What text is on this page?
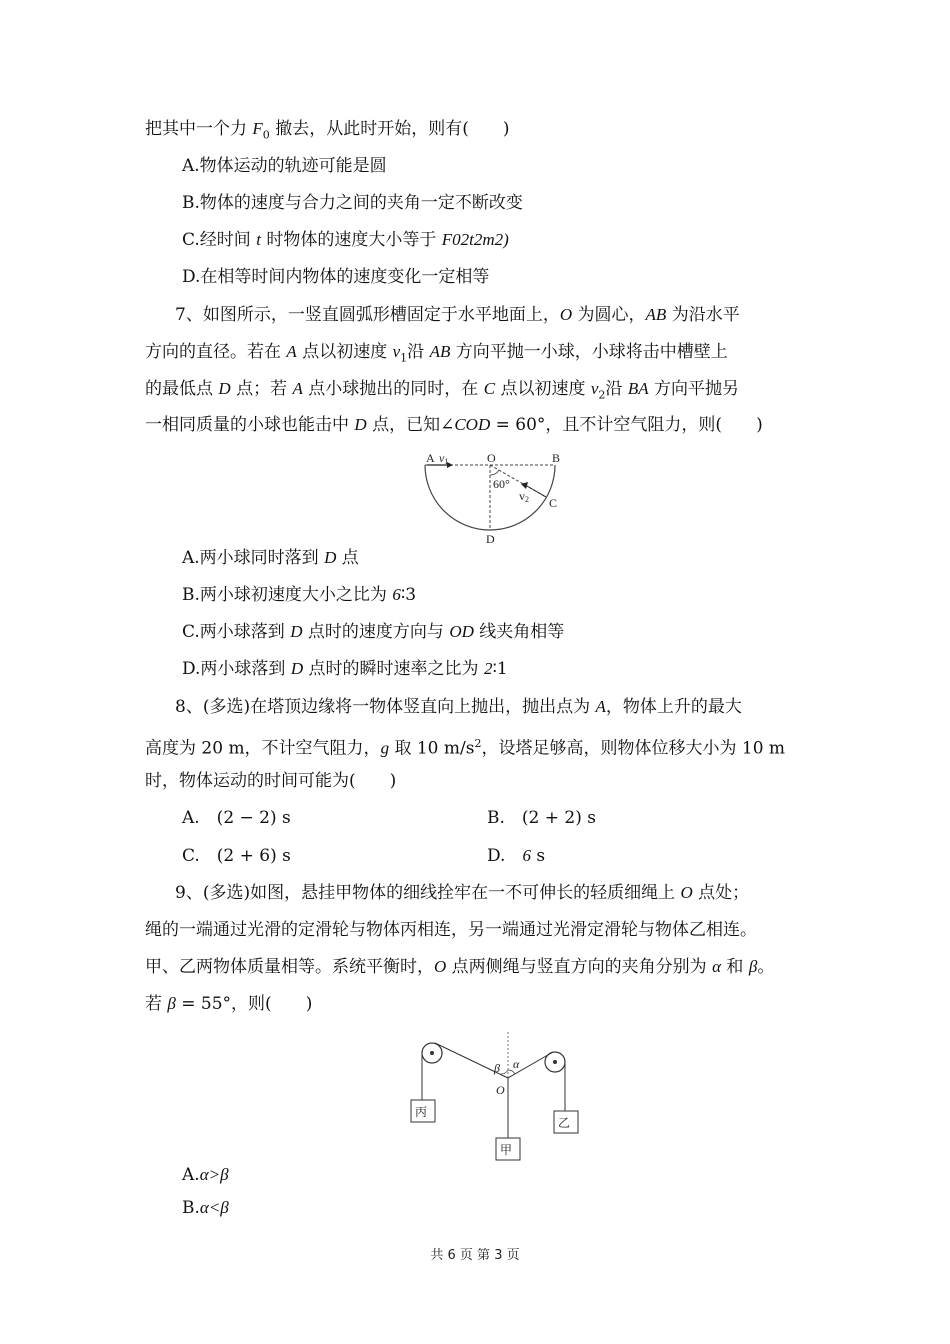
把其中一个力 $F_0$ 撤去，从此时开始，则有(　　)
A.物体运动的轨迹可能是圆
B.物体的速度与合力之间的夹角一定不断改变
C.经时间 t 时物体的速度大小等于 F02t2m2)
D.在相等时间内物体的速度变化一定相等
7、如图所示，一竖直圆弧形槽固定于水平地面上，O 为圆心，AB 为沿水平
方向的直径。若在 A 点以初速度 $v_1$沿 AB 方向平抛一小球，小球将击中槽壁上
的最低点 D 点；若 A 点小球抛出的同时，在 C 点以初速度 $v_2$沿 BA 方向平抛另
一相同质量的小球也能击中 D 点，已知∠COD = 60°，且不计空气阻力，则(　　)
A v1	O	B
60°
v2 C
D
A.两小球同时落到 D 点
B.两小球初速度大小之比为 6∶3
C.两小球落到 D 点时的速度方向与 OD 线夹角相等
D.两小球落到 D 点时的瞬时速率之比为 2∶1
8、(多选)在塔顶边缘将一物体竖直向上抛出，抛出点为 A，物体上升的最大
高度为 20 m，不计空气阻力，g 取 10 $m/s^2$，设塔足够高，则物体位移大小为 10 m
时，物体运动的时间可能为(　　)
A.　(2 − 2) s	B.　(2 + 2) s
C.　(2 + 6) s	D.　6 s
9、(多选)如图，悬挂甲物体的细线拴牢在一不可伸长的轻质细绳上 O 点处；
绳的一端通过光滑的定滑轮与物体丙相连，另一端通过光滑定滑轮与物体乙相连。
甲、乙两物体质量相等。系统平衡时，O 点两侧绳与竖直方向的夹角分别为 α 和 β。
若 β = 55°，则(　　)
β α
O
丙
甲
乙
A.α>β
B.α<β
共 6 页 第 3 页
